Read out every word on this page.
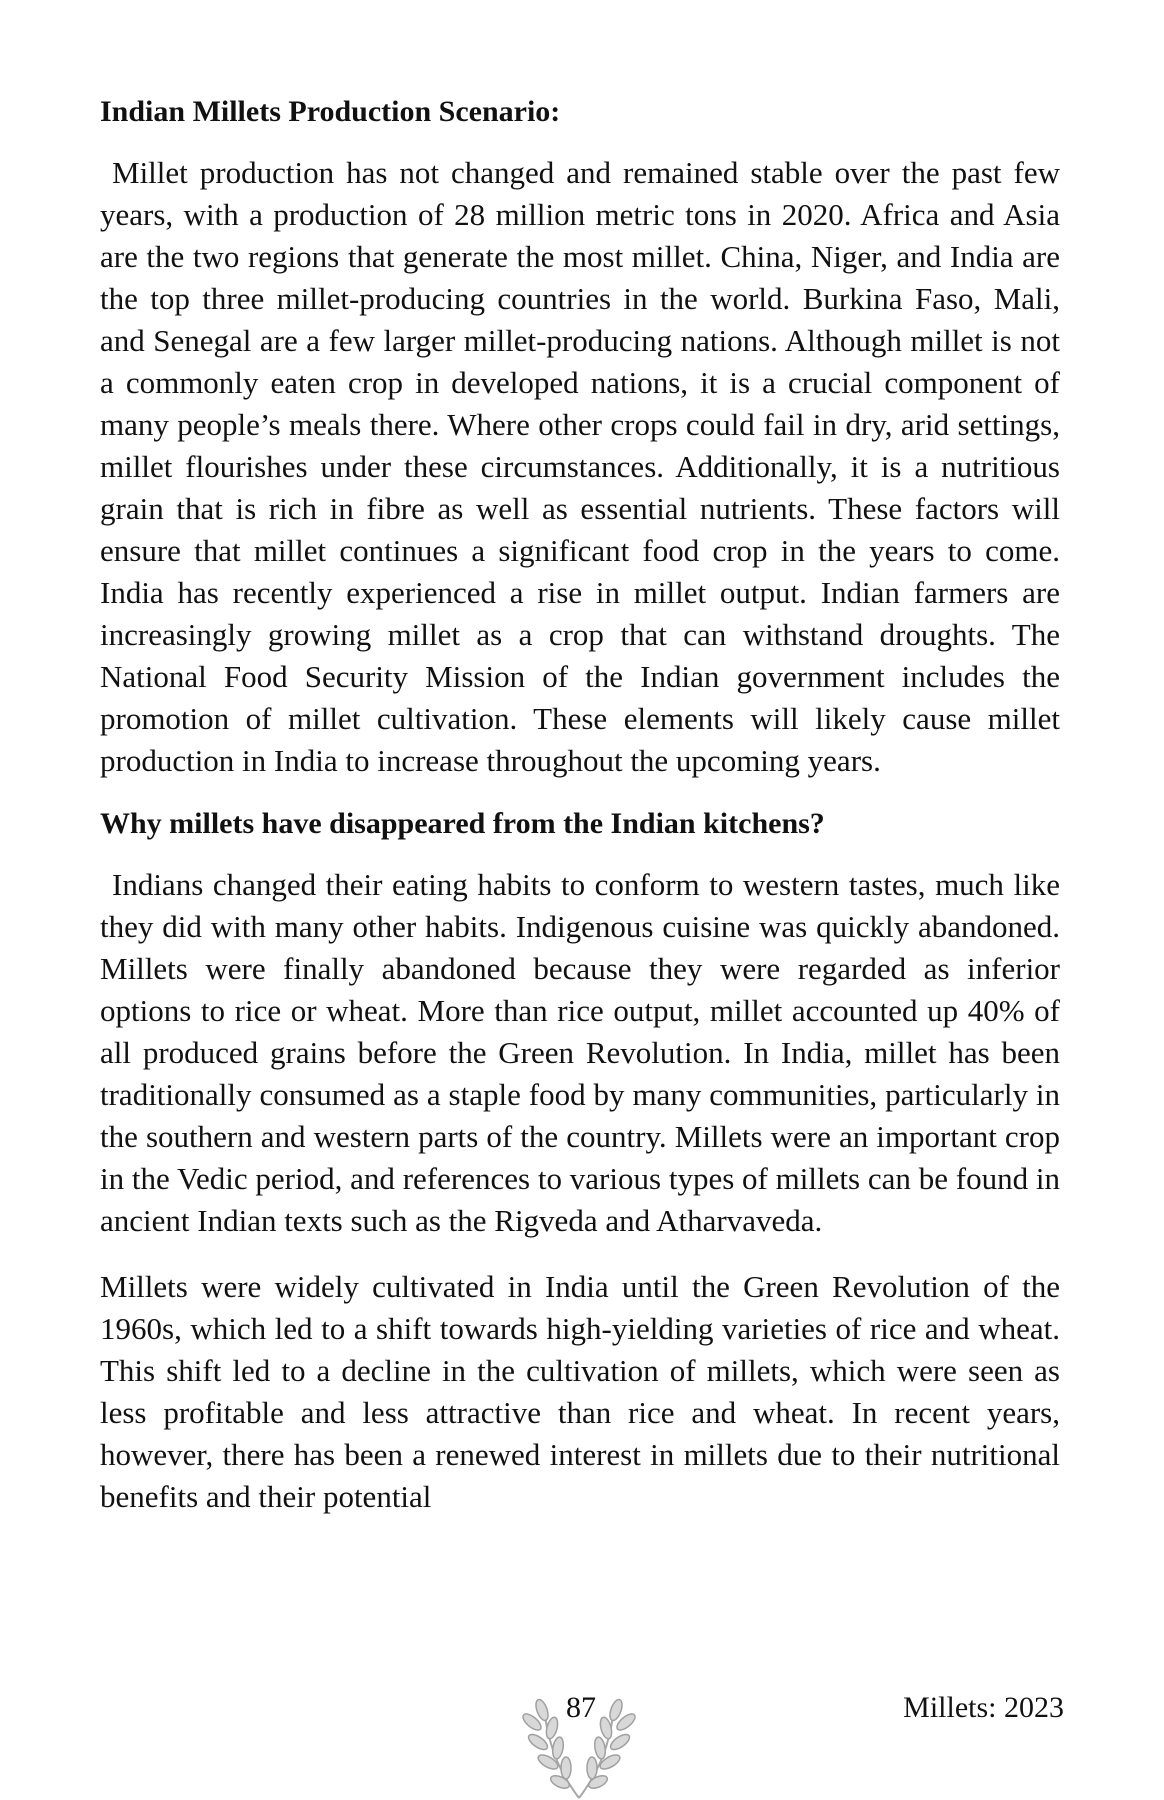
Indian Millets Production Scenario:

Millet production has not changed and remained stable over the past few years, with a production of 28 million metric tons in 2020. Africa and Asia are the two regions that generate the most millet. China, Niger, and India are the top three millet-producing countries in the world. Burkina Faso, Mali, and Senegal are a few larger millet-producing nations. Although millet is not a commonly eaten crop in developed nations, it is a crucial component of many people’s meals there. Where other crops could fail in dry, arid settings, millet flourishes under these circumstances. Additionally, it is a nutritious grain that is rich in fibre as well as essential nutrients. These factors will ensure that millet continues a significant food crop in the years to come. India has recently experienced a rise in millet output. Indian farmers are increasingly growing millet as a crop that can withstand droughts. The National Food Security Mission of the Indian government includes the promotion of millet cultivation. These elements will likely cause millet production in India to increase throughout the upcoming years.

Why millets have disappeared from the Indian kitchens?

Indians changed their eating habits to conform to western tastes, much like they did with many other habits. Indigenous cuisine was quickly abandoned. Millets were finally abandoned because they were regarded as inferior options to rice or wheat. More than rice output, millet accounted up 40% of all produced grains before the Green Revolution. In India, millet has been traditionally consumed as a staple food by many communities, particularly in the southern and western parts of the country. Millets were an important crop in the Vedic period, and references to various types of millets can be found in ancient Indian texts such as the Rigveda and Atharvaveda.

Millets were widely cultivated in India until the Green Revolution of the 1960s, which led to a shift towards high-yielding varieties of rice and wheat. This shift led to a decline in the cultivation of millets, which were seen as less profitable and less attractive than rice and wheat. In recent years, however, there has been a renewed interest in millets due to their nutritional benefits and their potential

87	Millets: 2023
